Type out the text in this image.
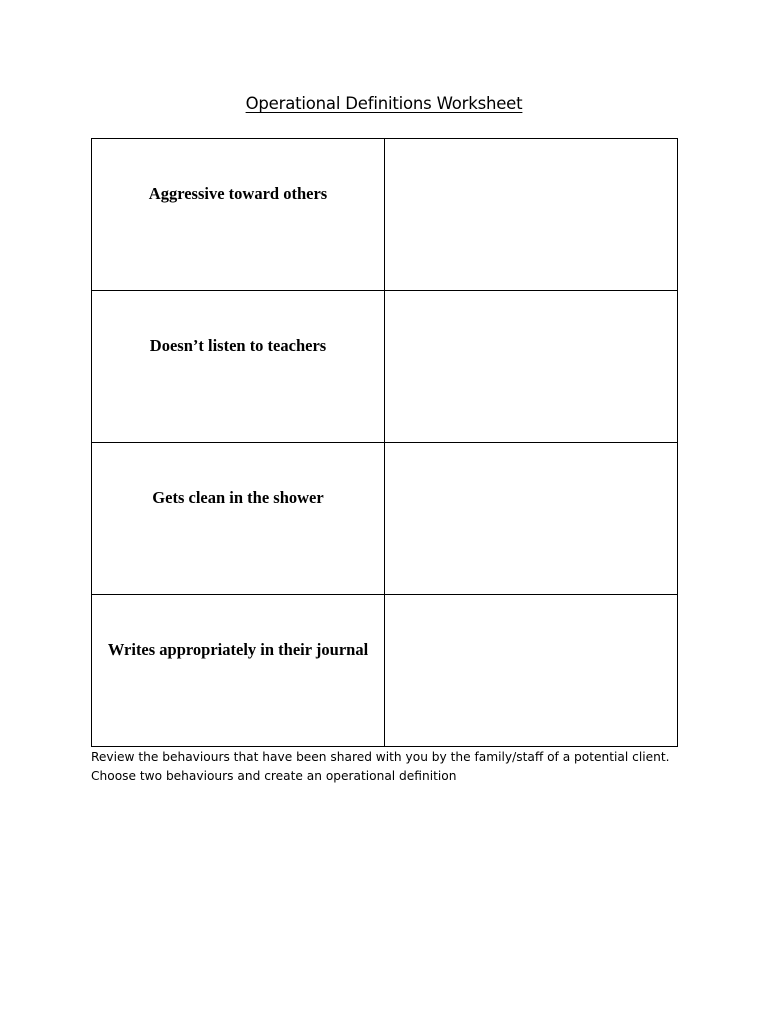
Operational Definitions Worksheet
Aggressive toward others	

Doesn’t listen to teachers	

Gets clean in the shower	

Writes appropriately in their journal	

Review the behaviours that have been shared with you by the family/staff of a potential client. Choose two behaviours and create an operational definition
